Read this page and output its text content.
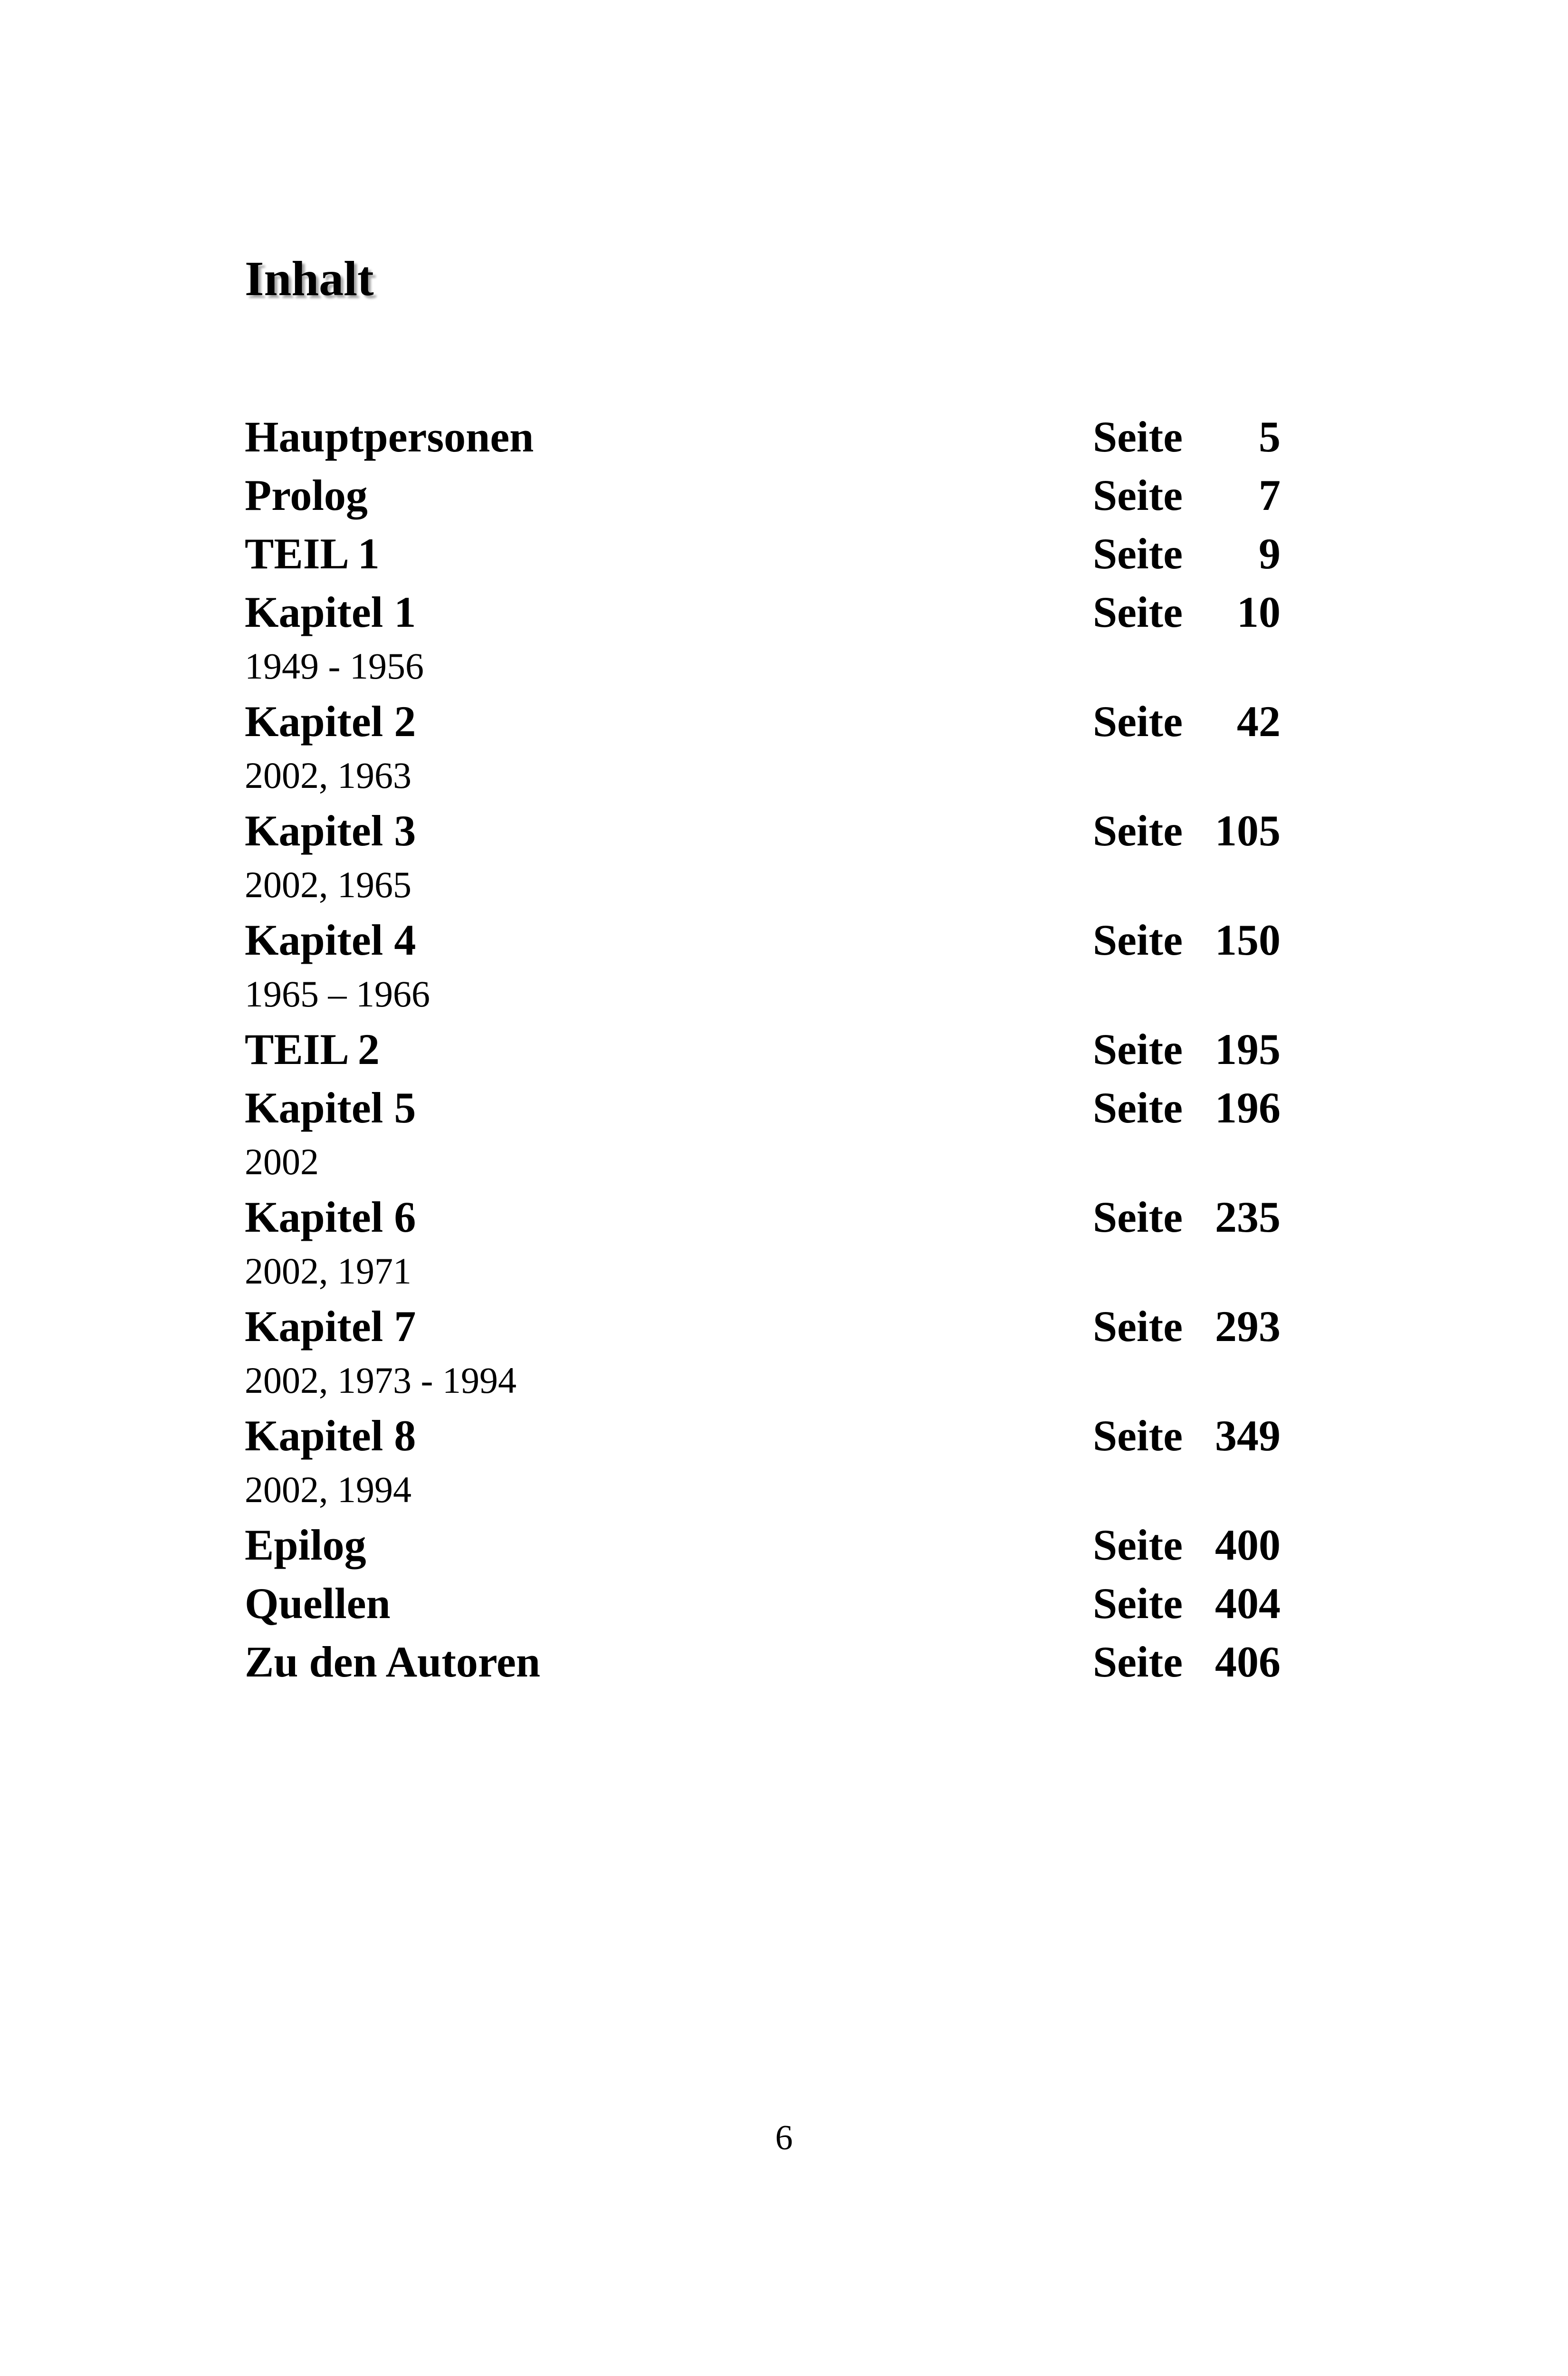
Inhalt
Hauptpersonen	Seite	5
Prolog	Seite	7
TEIL 1	Seite	9
Kapitel 1	Seite	10
1949 - 1956
Kapitel 2	Seite	42
2002, 1963
Kapitel 3	Seite 105
2002, 1965
Kapitel 4	Seite 150
1965 – 1966
TEIL 2	Seite 195
Kapitel 5	Seite 196
2002
Kapitel 6	Seite 235
2002, 1971
Kapitel 7	Seite 293
2002, 1973 - 1994
Kapitel 8	Seite 349
2002, 1994
Epilog	Seite 400
Quellen	Seite 404
Zu den Autoren	Seite 406
6
